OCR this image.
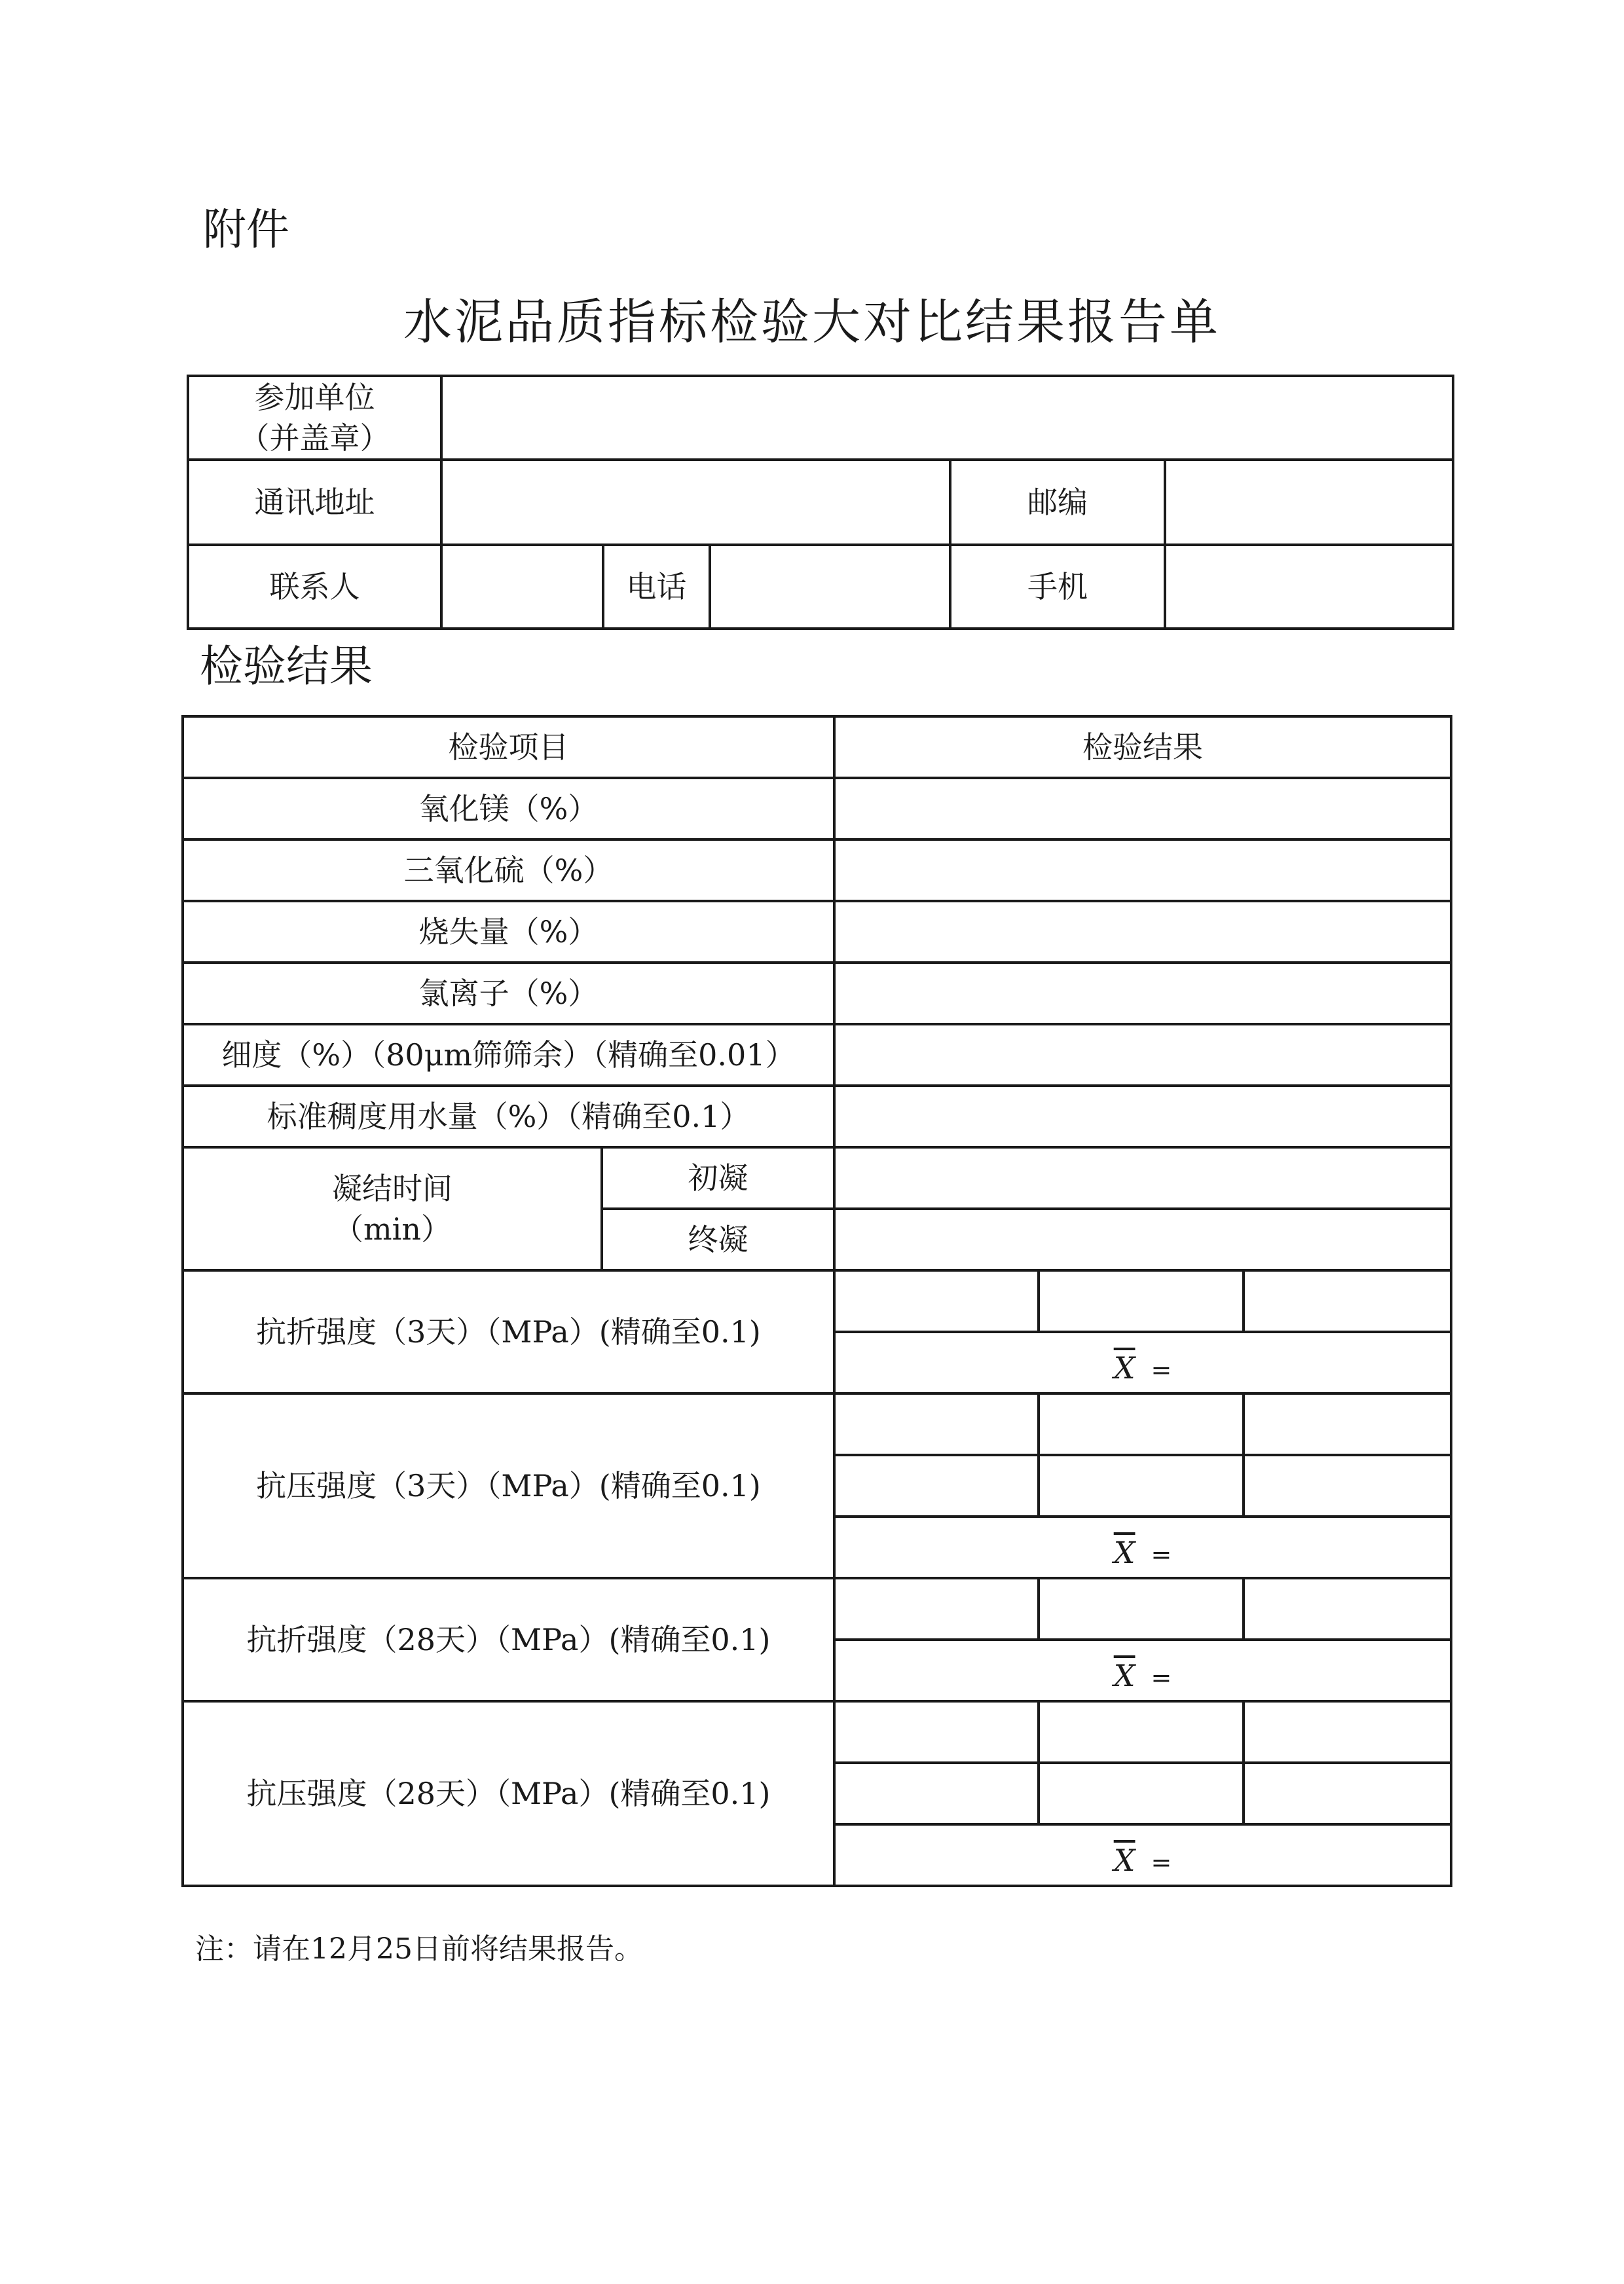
附件
水泥品质指标检验大对比结果报告单
参加单位
（并盖章）					

通讯地址				邮编	
联系人		电话		手机	
检验结果
检验项目		检验结果		
氧化镁（%）				
三氧化硫（%）				
烧失量（%）				
氯离子（%）				
细度（%）（80μm筛筛余）（精确至0.01）				
标准稠度用水量（%）（精确至0.1）				

凝结时间
（min）	初凝			
	终凝			
抗折强度（3天）（MPa）(精确至0.1)				
		$\overline{X}$ =		
抗压强度（3天）（MPa）(精确至0.1)				

		$\overline{X}$ =		
抗折强度（28天）（MPa）(精确至0.1)				
		$\overline{X}$ =		
抗压强度（28天）（MPa）(精确至0.1)				

		$\overline{X}$ =		
注：请在12月25日前将结果报告。
